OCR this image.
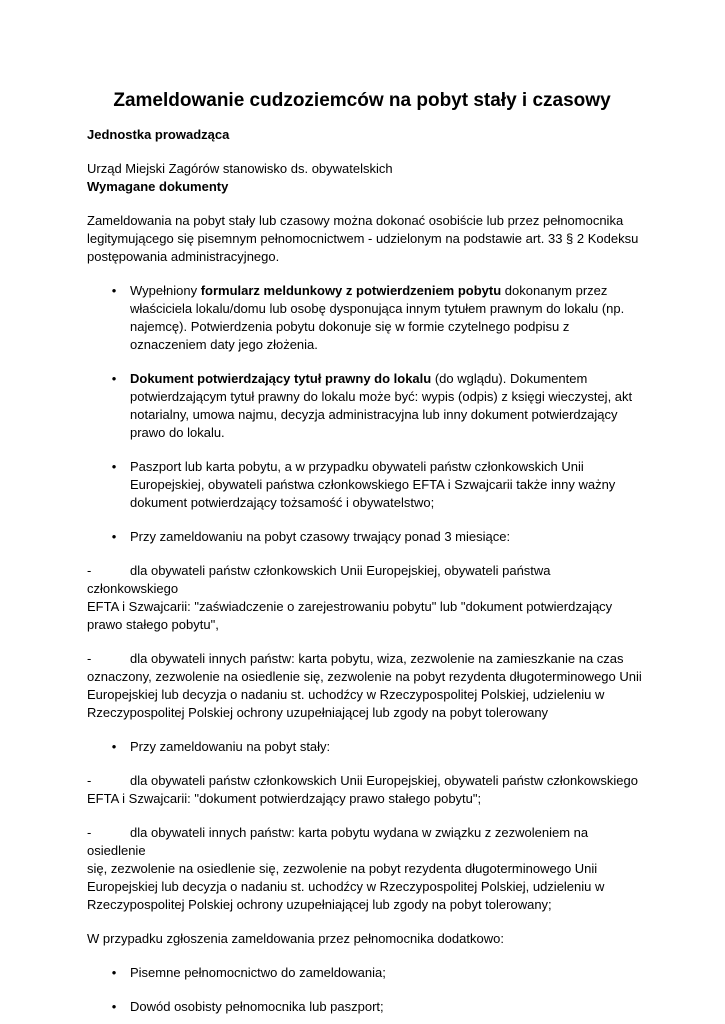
Zameldowanie cudzoziemców na pobyt stały i czasowy
Jednostka prowadząca

Urząd Miejski Zagórów stanowisko ds. obywatelskich

Wymagane dokumenty

Zameldowania na pobyt stały lub czasowy można dokonać osobiście lub przez pełnomocnika legitymującego się pisemnym pełnomocnictwem - udzielonym na podstawie art. 33 § 2 Kodeksu postępowania administracyjnego.

• Wypełniony formularz meldunkowy z potwierdzeniem pobytu dokonanym przez właściciela lokalu/domu lub osobę dysponująca innym tytułem prawnym do lokalu (np. najemcę). Potwierdzenia pobytu dokonuje się w formie czytelnego podpisu z oznaczeniem daty jego złożenia.
• Dokument potwierdzający tytuł prawny do lokalu (do wglądu). Dokumentem potwierdzającym tytuł prawny do lokalu może być: wypis (odpis) z księgi wieczystej, akt notarialny, umowa najmu, decyzja administracyjna lub inny dokument potwierdzający prawo do lokalu.
• Paszport lub karta pobytu, a w przypadku obywateli państw członkowskich Unii Europejskiej, obywateli państwa członkowskiego EFTA i Szwajcarii także inny ważny dokument potwierdzający tożsamość i obywatelstwo;
• Przy zameldowaniu na pobyt czasowy trwający ponad 3 miesiące:

-	dla obywateli państw członkowskich Unii Europejskiej, obywateli państwa członkowskiego
EFTA i Szwajcarii: "zaświadczenie o zarejestrowaniu pobytu" lub "dokument potwierdzający prawo stałego pobytu",

-	dla obywateli innych państw: karta pobytu, wiza, zezwolenie na zamieszkanie na czas
oznaczony, zezwolenie na osiedlenie się, zezwolenie na pobyt rezydenta długoterminowego Unii Europejskiej lub decyzja o nadaniu st. uchodźcy w Rzeczypospolitej Polskiej, udzieleniu w Rzeczypospolitej Polskiej ochrony uzupełniającej lub zgody na pobyt tolerowany

• Przy zameldowaniu na pobyt stały:

-	dla obywateli państw członkowskich Unii Europejskiej, obywateli państw członkowskiego
EFTA i Szwajcarii: "dokument potwierdzający prawo stałego pobytu";

-	dla obywateli innych państw: karta pobytu wydana w związku z zezwoleniem na osiedlenie
się, zezwolenie na osiedlenie się, zezwolenie na pobyt rezydenta długoterminowego Unii Europejskiej lub decyzja o nadaniu st. uchodźcy w Rzeczypospolitej Polskiej, udzieleniu w Rzeczypospolitej Polskiej ochrony uzupełniającej lub zgody na pobyt tolerowany;

W przypadku zgłoszenia zameldowania przez pełnomocnika dodatkowo:

• Pisemne pełnomocnictwo do zameldowania;
• Dowód osobisty pełnomocnika lub paszport;
